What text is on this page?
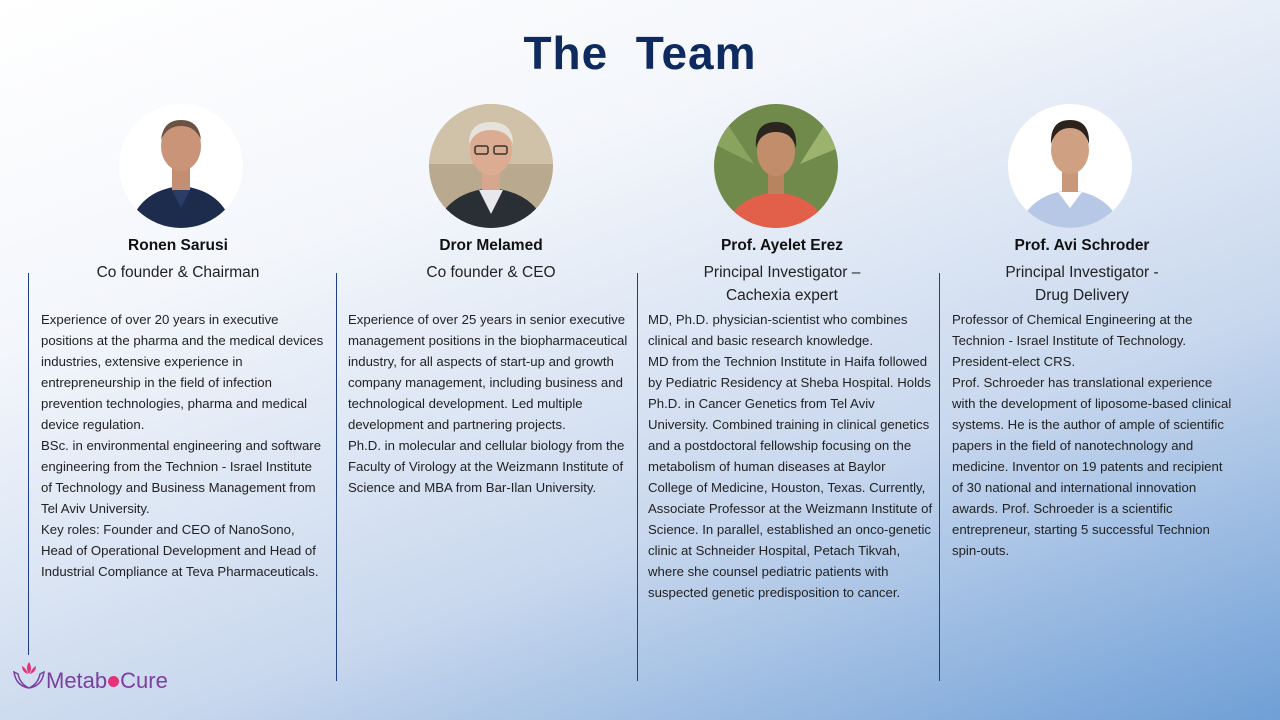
The  Team
Ronen Sarusi
Co founder & Chairman

Experience of over 20 years in executive positions at the pharma and the medical devices industries, extensive experience in entrepreneurship in the field of infection prevention technologies, pharma and medical device regulation.

BSc. in environmental engineering and software engineering from the Technion - Israel Institute of Technology and Business Management from Tel Aviv University.

Key roles: Founder and CEO of NanoSono, Head of Operational Development and Head of Industrial Compliance at Teva Pharmaceuticals.

Dror Melamed
Co founder & CEO

Experience of over 25 years in senior executive management positions in the biopharmaceutical industry, for all aspects of start-up and growth company management, including business and technological development. Led multiple development and partnering projects.

Ph.D. in molecular and cellular biology from the Faculty of Virology at the Weizmann Institute of Science and MBA from Bar-Ilan University.

Prof. Ayelet Erez
Principal Investigator –
Cachexia expert

MD, Ph.D. physician-scientist who combines clinical and basic research knowledge.

MD from the Technion Institute in Haifa followed by Pediatric Residency at Sheba Hospital. Holds Ph.D. in Cancer Genetics from Tel Aviv University. Combined training in clinical genetics and a postdoctoral fellowship focusing on the metabolism of human diseases at Baylor College of Medicine, Houston, Texas. Currently, Associate Professor at the Weizmann Institute of Science. In parallel, established an onco-genetic clinic at Schneider Hospital, Petach Tikvah, where she counsel pediatric patients with suspected genetic predisposition to cancer.

Prof. Avi Schroder
Principal Investigator -
Drug Delivery

Professor of Chemical Engineering at the Technion - Israel Institute of Technology. President-elect CRS.

Prof. Schroeder has translational experience with the development of liposome-based clinical systems. He is the author of ample of scientific papers in the field of nanotechnology and medicine. Inventor on 19 patents and recipient of 30 national and international innovation awards. Prof. Schroeder is a scientific entrepreneur, starting 5 successful Technion spin-outs.

Metab Cure
